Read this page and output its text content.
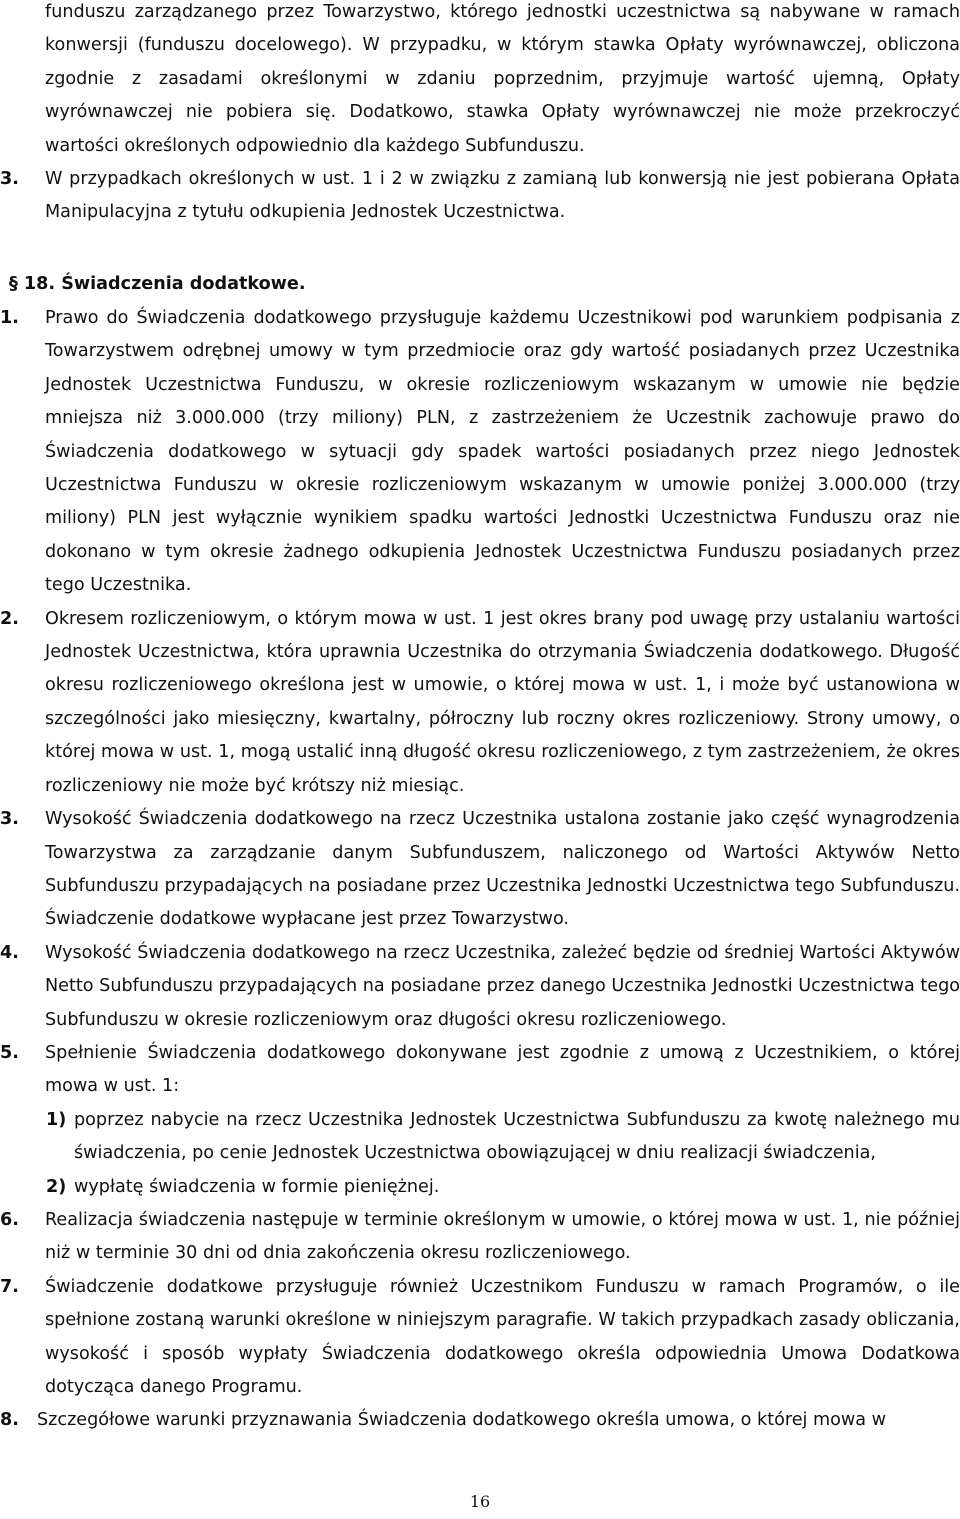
funduszu zarządzanego przez Towarzystwo, którego jednostki uczestnictwa są nabywane w ramach konwersji (funduszu docelowego). W przypadku, w którym stawka Opłaty wyrównawczej, obliczona zgodnie z zasadami określonymi w zdaniu poprzednim, przyjmuje wartość ujemną, Opłaty wyrównawczej nie pobiera się. Dodatkowo, stawka Opłaty wyrównawczej nie może przekroczyć wartości określonych odpowiednio dla każdego Subfunduszu.

3. W przypadkach określonych w ust. 1 i 2 w związku z zamianą lub konwersją nie jest pobierana Opłata Manipulacyjna z tytułu odkupienia Jednostek Uczestnictwa.

§ 18. Świadczenia dodatkowe.

1. Prawo do Świadczenia dodatkowego przysługuje każdemu Uczestnikowi pod warunkiem podpisania z Towarzystwem odrębnej umowy w tym przedmiocie oraz gdy wartość posiadanych przez Uczestnika Jednostek Uczestnictwa Funduszu, w okresie rozliczeniowym wskazanym w umowie nie będzie mniejsza niż 3.000.000 (trzy miliony) PLN, z zastrzeżeniem że Uczestnik zachowuje prawo do Świadczenia dodatkowego w sytuacji gdy spadek wartości posiadanych przez niego Jednostek Uczestnictwa Funduszu w okresie rozliczeniowym wskazanym w umowie poniżej 3.000.000 (trzy miliony) PLN jest wyłącznie wynikiem spadku wartości Jednostki Uczestnictwa Funduszu oraz nie dokonano w tym okresie żadnego odkupienia Jednostek Uczestnictwa Funduszu posiadanych przez tego Uczestnika.
2. Okresem rozliczeniowym, o którym mowa w ust. 1 jest okres brany pod uwagę przy ustalaniu wartości Jednostek Uczestnictwa, która uprawnia Uczestnika do otrzymania Świadczenia dodatkowego. Długość okresu rozliczeniowego określona jest w umowie, o której mowa w ust. 1, i może być ustanowiona w szczególności jako miesięczny, kwartalny, półroczny lub roczny okres rozliczeniowy. Strony umowy, o której mowa w ust. 1, mogą ustalić inną długość okresu rozliczeniowego, z tym zastrzeżeniem, że okres rozliczeniowy nie może być krótszy niż miesiąc.
3. Wysokość Świadczenia dodatkowego na rzecz Uczestnika ustalona zostanie jako część wynagrodzenia Towarzystwa za zarządzanie danym Subfunduszem, naliczonego od Wartości Aktywów Netto Subfunduszu przypadających na posiadane przez Uczestnika Jednostki Uczestnictwa tego Subfunduszu. Świadczenie dodatkowe wypłacane jest przez Towarzystwo.
4. Wysokość Świadczenia dodatkowego na rzecz Uczestnika, zależeć będzie od średniej Wartości Aktywów Netto Subfunduszu przypadających na posiadane przez danego Uczestnika Jednostki Uczestnictwa tego Subfunduszu w okresie rozliczeniowym oraz długości okresu rozliczeniowego.
5. Spełnienie Świadczenia dodatkowego dokonywane jest zgodnie z umową z Uczestnikiem, o której mowa w ust. 1:
1) poprzez nabycie na rzecz Uczestnika Jednostek Uczestnictwa Subfunduszu za kwotę należnego mu świadczenia, po cenie Jednostek Uczestnictwa obowiązującej w dniu realizacji świadczenia,
2) wypłatę świadczenia w formie pieniężnej.
6. Realizacja świadczenia następuje w terminie określonym w umowie, o której mowa w ust. 1, nie później niż w terminie 30 dni od dnia zakończenia okresu rozliczeniowego.
7. Świadczenie dodatkowe przysługuje również Uczestnikom Funduszu w ramach Programów, o ile spełnione zostaną warunki określone w niniejszym paragrafie. W takich przypadkach zasady obliczania, wysokość i sposób wypłaty Świadczenia dodatkowego określa odpowiednia Umowa Dodatkowa dotycząca danego Programu.
8. Szczegółowe warunki przyznawania Świadczenia dodatkowego określa umowa, o której mowa w
16
